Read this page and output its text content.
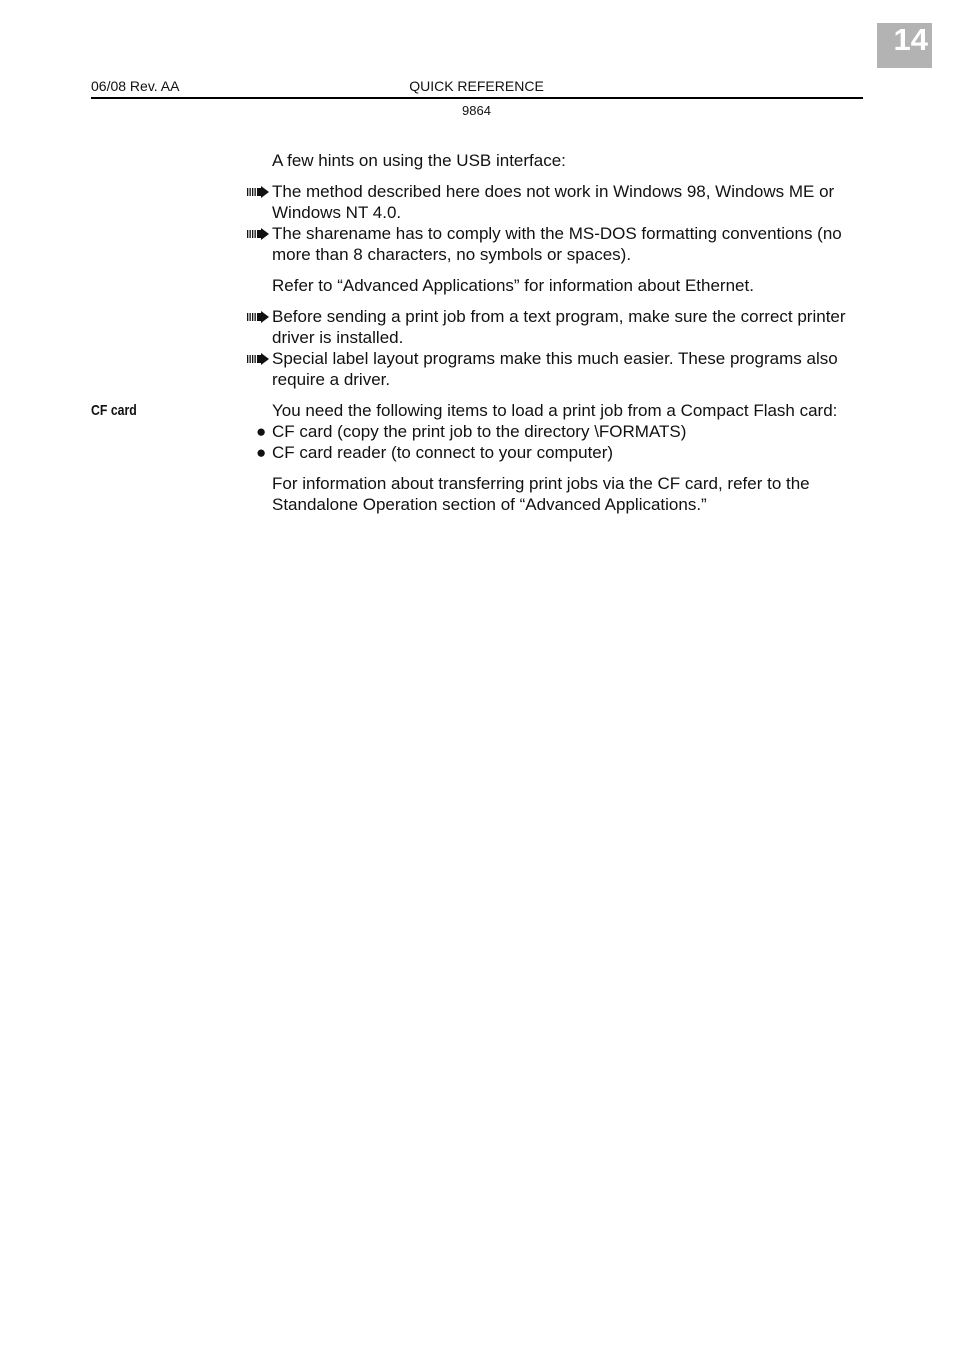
14
06/08 Rev. AA	QUICK REFERENCE
9864
CF card

A few hints on using the USB interface:

The method described here does not work in Windows 98, Windows ME or Windows NT 4.0.
The sharename has to comply with the MS-DOS formatting conventions (no more than 8 characters, no symbols or spaces).

Refer to “Advanced Applications” for information about Ethernet.

Before sending a print job from a text program, make sure the correct printer driver is installed.
Special label layout programs make this much easier. These programs also require a driver.

You need the following items to load a print job from a Compact Flash card:

● CF card (copy the print job to the directory \FORMATS)
● CF card reader (to connect to your computer)

For information about transferring print jobs via the CF card, refer to the Standalone Operation section of “Advanced Applications.”
